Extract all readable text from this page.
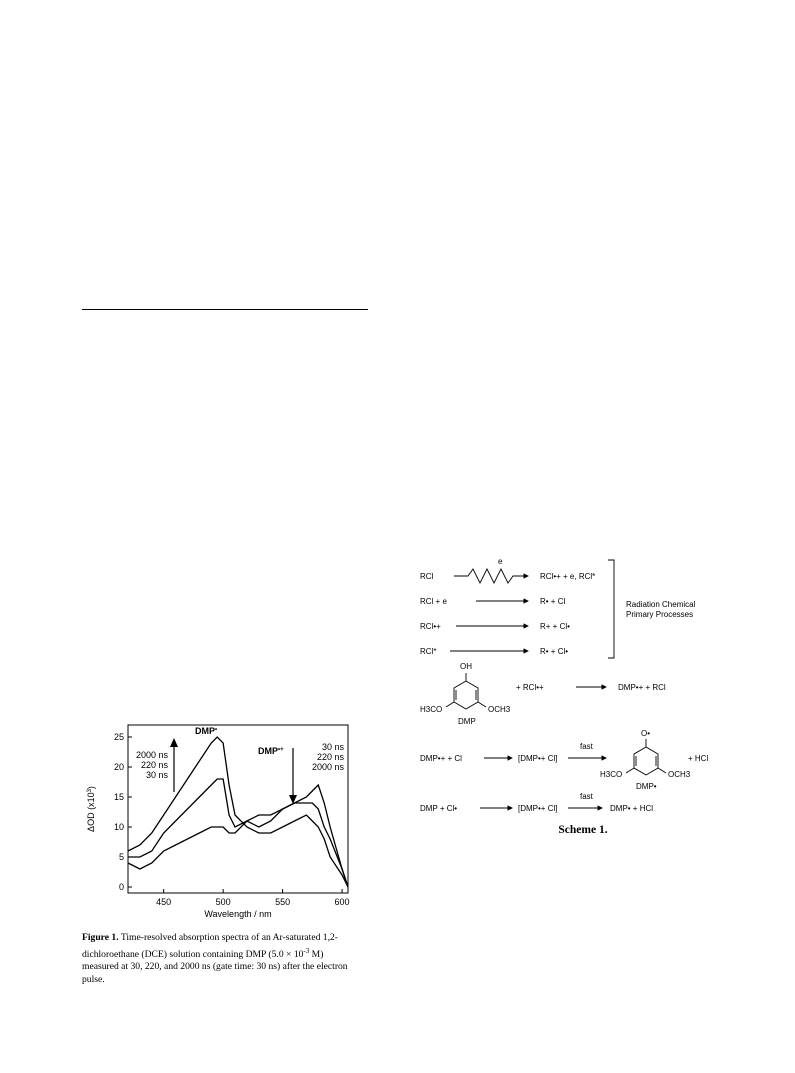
450	500	550	600
0
5
10
15
20
25
Wavelength / nm
ΔOD $(x10^3)$
DMP•
2000 ns
220 ns
30 ns
DMP•+	30 ns
220 ns
2000 ns
Figure 1. Time-resolved absorption spectra of an Ar-saturated 1,2-dichloroethane (DCE) solution containing DMP ($5.0 \times 10^{-3}$ M) measured at 30, 220, and 2000 ns (gate time: 30 ns) after the electron pulse.
RCl
e
RCl•+ + e, RCl*
RCl + e	R• + Cl
RCl•+	R+ + Cl•
RCl*	R• + Cl•
Radiation Chemical
Primary Processes
OH
H3CO	OCH3
DMP
+ RCl•+	DMP•+ + RCl
DMP•+ + Cl	[DMP•+ Cl]
fast
O•
H3CO	OCH3
DMP•
+ HCl
DMP + Cl•	[DMP•+ Cl]
fast
DMP• + HCl
Scheme 1.
